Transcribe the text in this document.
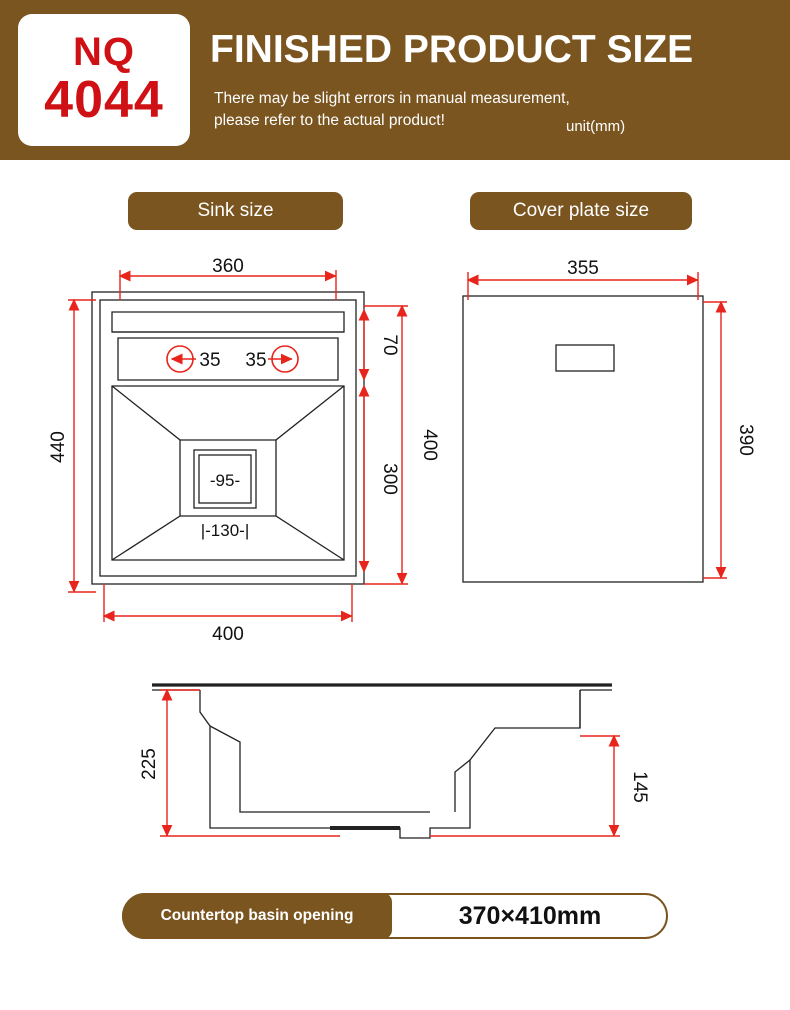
NQ
4044
FINISHED PRODUCT SIZE
There may be slight errors in manual measurement,
please refer to the actual product!	unit(mm)
Sink size	Cover plate size
360
400
440	400
70
300
35 35
-95-
|-130-|
355
390
225
145
Countertop basin opening	370×410mm
